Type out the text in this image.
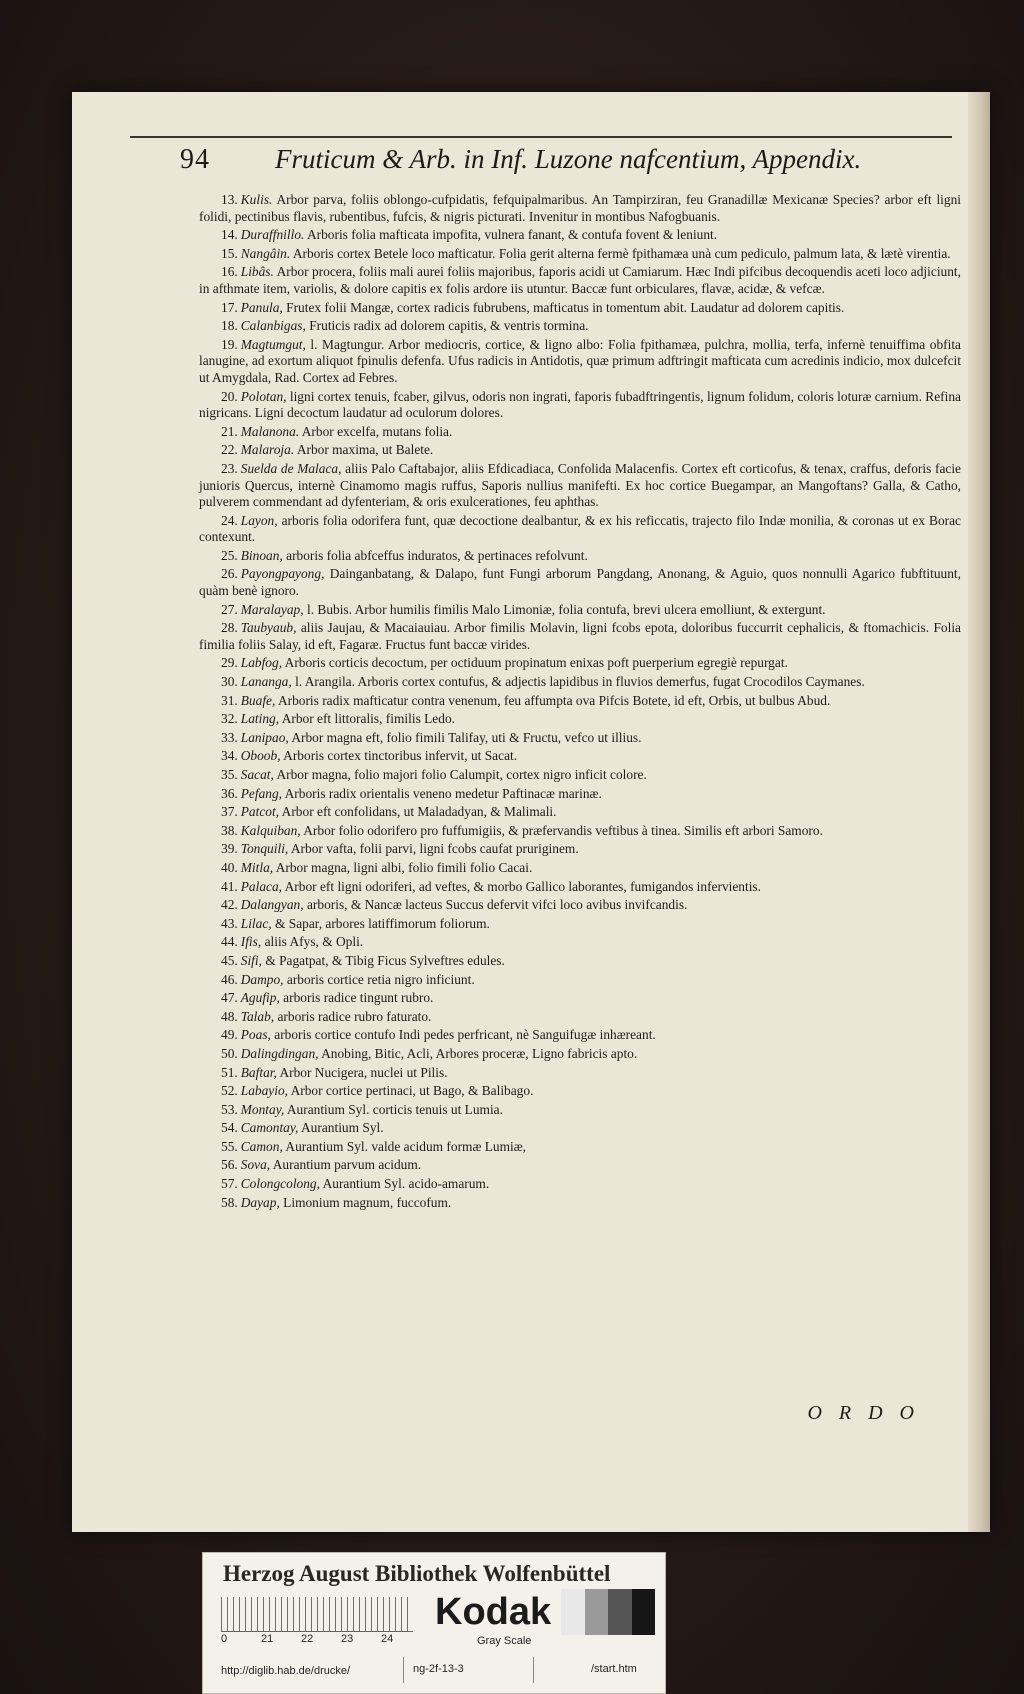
94 Fruticum & Arb. in Inf. Luzone nafcentium, Appendix.

13. Kulis. Arbor parva, foliis oblongo-cufpidatis, fefquipalmaribus. An Tampirziran, feu Granadillæ Mexicanæ Species? arbor eft ligni folidi, pectinibus flavis, rubentibus, fufcis, & nigris picturati. Invenitur in montibus Nafogbuanis.

14. Duraffnillo. Arboris folia mafticata impofita, vulnera fanant, & contufa fovent & leniunt.

15. Nangâin. Arboris cortex Betele loco mafticatur. Folia gerit alterna fermè fpithamæa unà cum pediculo, palmum lata, & lætè virentia.

16. Libâs. Arbor procera, foliis mali aurei foliis majoribus, faporis acidi ut Camiarum. Hæc Indi pifcibus decoquendis aceti loco adjiciunt, in afthmate item, variolis, & dolore capitis ex folis ardore iis utuntur. Baccæ funt orbiculares, flavæ, acidæ, & vefcæ.

17. Panula, Frutex folii Mangæ, cortex radicis fubrubens, mafticatus in tomentum abit. Laudatur ad dolorem capitis.

18. Calanbigas, Fruticis radix ad dolorem capitis, & ventris tormina.

19. Magtumgut, l. Magtungur. Arbor mediocris, cortice, & ligno albo: Folia fpithamæa, pulchra, mollia, terfa, infernè tenuiffima obfita lanugine, ad exortum aliquot fpinulis defenfa. Ufus radicis in Antidotis, quæ primum adftringit mafticata cum acredinis indicio, mox dulcefcit ut Amygdala, Rad. Cortex ad Febres.

20. Polotan, ligni cortex tenuis, fcaber, gilvus, odoris non ingrati, faporis fubadftringentis, lignum folidum, coloris loturæ carnium. Refina nigricans. Ligni decoctum laudatur ad oculorum dolores.

21. Malanona. Arbor excelfa, mutans folia.

22. Malaroja. Arbor maxima, ut Balete.

23. Suelda de Malaca, aliis Palo Caftabajor, aliis Efdicadiaca, Confolida Malacenfis. Cortex eft corticofus, & tenax, craffus, deforis facie junioris Quercus, internè Cinamomo magis ruffus, Saporis nullius manifefti. Ex hoc cortice Buegampar, an Mangoftans? Galla, & Catho, pulverem commendant ad dyfenteriam, & oris exulcerationes, feu aphthas.

24. Layon, arboris folia odorifera funt, quæ decoctione dealbantur, & ex his reficcatis, trajecto filo Indæ monilia, & coronas ut ex Borac contexunt.

25. Binoan, arboris folia abfceffus induratos, & pertinaces refolvunt.

26. Payongpayong, Dainganbatang, & Dalapo, funt Fungi arborum Pangdang, Anonang, & Aguio, quos nonnulli Agarico fubftituunt, quàm benè ignoro.

27. Maralayap, l. Bubis. Arbor humilis fimilis Malo Limoniæ, folia contufa, brevi ulcera emolliunt, & extergunt.

28. Taubyaub, aliis Jaujau, & Macaiauiau. Arbor fimilis Molavin, ligni fcobs epota, doloribus fuccurrit cephalicis, & ftomachicis. Folia fimilia foliis Salay, id eft, Fagaræ. Fructus funt baccæ virides.

29. Labfog, Arboris corticis decoctum, per octiduum propinatum enixas poft puerperium egregiè repurgat.

30. Lananga, l. Arangila. Arboris cortex contufus, & adjectis lapidibus in fluvios demerfus, fugat Crocodilos Caymanes.

31. Buafe, Arboris radix mafticatur contra venenum, feu affumpta ova Pifcis Botete, id eft, Orbis, ut bulbus Abud.

32. Lating, Arbor eft littoralis, fimilis Ledo.

33. Lanipao, Arbor magna eft, folio fimili Talifay, uti & Fructu, vefco ut illius.

34. Oboob, Arboris cortex tinctoribus infervit, ut Sacat.

35. Sacat, Arbor magna, folio majori folio Calumpit, cortex nigro inficit colore.

36. Pefang, Arboris radix orientalis veneno medetur Paftinacæ marinæ.

37. Patcot, Arbor eft confolidans, ut Maladadyan, & Malimali.

38. Kalquiban, Arbor folio odorifero pro fuffumigiis, & præfervandis veftibus à tinea. Similis eft arbori Samoro.

39. Tonquili, Arbor vafta, folii parvi, ligni fcobs caufat pruriginem.

40. Mitla, Arbor magna, ligni albi, folio fimili folio Cacai.

41. Palaca, Arbor eft ligni odoriferi, ad veftes, & morbo Gallico laborantes, fumigandos infervientis.

42. Dalangyan, arboris, & Nancæ lacteus Succus defervit vifci loco avibus invifcandis.

43. Lilac, & Sapar, arbores latiffimorum foliorum.

44. Ifis, aliis Afys, & Opli.

45. Sifi, & Pagatpat, & Tibig Ficus Sylveftres edules.

46. Dampo, arboris cortice retia nigro inficiunt.

47. Agufip, arboris radice tingunt rubro.

48. Talab, arboris radice rubro faturato.

49. Poas, arboris cortice contufo Indi pedes perfricant, nè Sanguifugæ inhæreant.

50. Dalingdingan, Anobing, Bitic, Acli, Arbores proceræ, Ligno fabricis apto.

51. Baftar, Arbor Nucigera, nuclei ut Pilis.

52. Labayio, Arbor cortice pertinaci, ut Bago, & Balibago.

53. Montay, Aurantium Syl. corticis tenuis ut Lumia.

54. Camontay, Aurantium Syl.

55. Camon, Aurantium Syl. valde acidum formæ Lumiæ,

56. Sova, Aurantium parvum acidum.

57. Colongcolong, Aurantium Syl. acido-amarum.

58. Dayap, Limonium magnum, fuccofum.

O R D O
Herzog August Bibliothek Wolfenbüttel
0	21	22	23	24
Kodak
Gray Scale
http://diglib.hab.de/drucke/	ng-2f-13-3	/start.htm
